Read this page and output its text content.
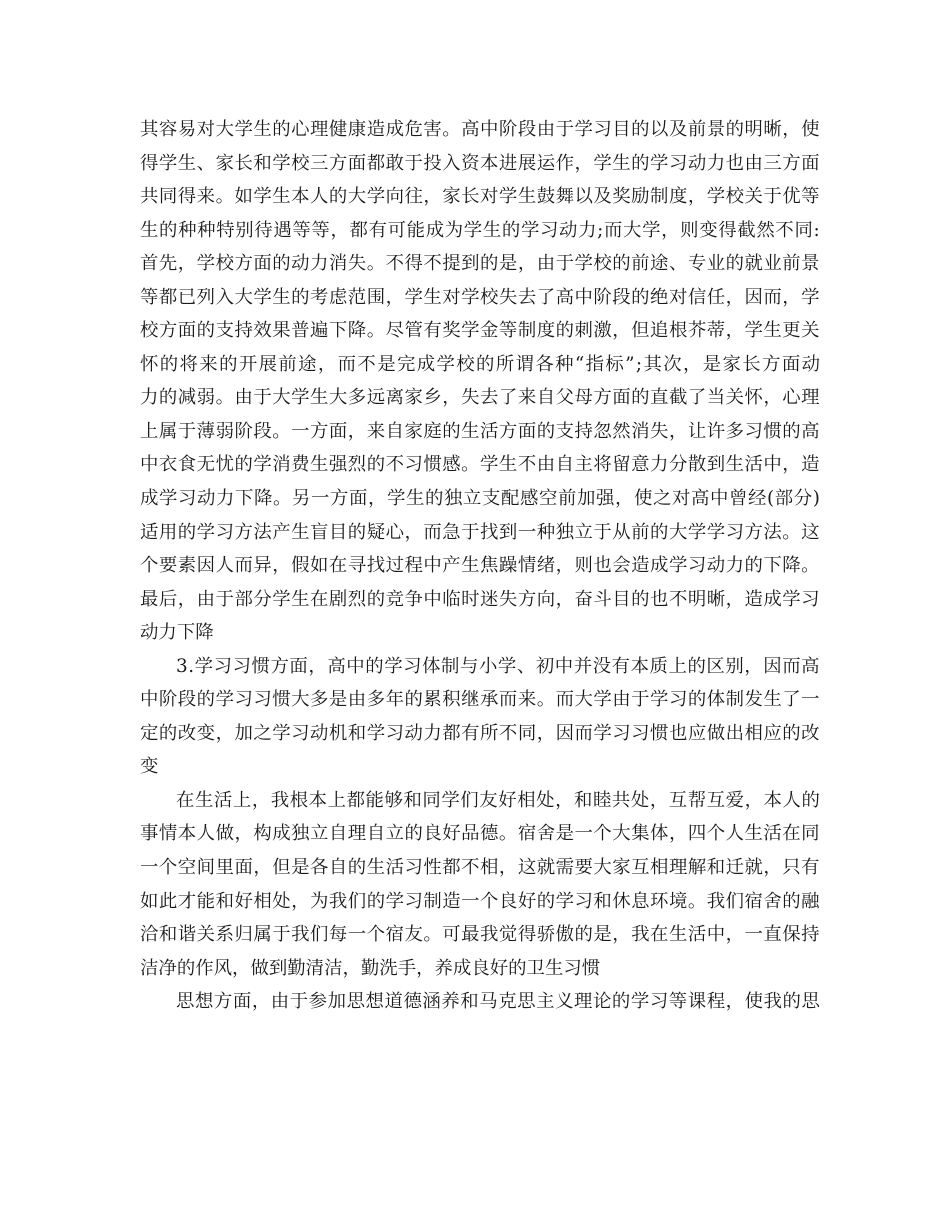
其 容 易 对 大 学 生 的 心 理 健 康 造 成 危 害 。 高 中 阶 段 由 于 学 习 目 的 以 及 前 景 的 明 晰 ， 使
得 学 生 、 家 长 和 学 校 三 方 面 都 敢 于 投 入 资 本 进 展 运 作 ， 学 生 的 学 习 动 力 也 由 三 方 面
共 同 得 来 。 如 学 生 本 人 的 大 学 向 往 ， 家 长 对 学 生 鼓 舞 以 及 奖 励 制 度 ， 学 校 关 于 优 等
生 的 种 种 特 别 待 遇 等 等 ， 都 有 可 能 成 为 学 生 的 学 习 动 力 ; 而 大 学 ， 则 变 得 截 然 不 同 :
首 先 ， 学 校 方 面 的 动 力 消 失 。 不 得 不 提 到 的 是 ， 由 于 学 校 的 前 途 、 专 业 的 就 业 前 景
等 都 已 列 入 大 学 生 的 考 虑 范 围 ， 学 生 对 学 校 失 去 了 高 中 阶 段 的 绝 对 信 任 ， 因 而 ， 学
校 方 面 的 支 持 效 果 普 遍 下 降 。 尽 管 有 奖 学 金 等 制 度 的 刺 激 ， 但 追 根 芥 蒂 ， 学 生 更 关
怀 的 将 来 的 开 展 前 途 ， 而 不 是 完 成 学 校 的 所 谓 各 种 “ 指 标 ” ; 其 次 ， 是 家 长 方 面 动
力 的 减 弱 。 由 于 大 学 生 大 多 远 离 家 乡 ， 失 去 了 来 自 父 母 方 面 的 直 截 了 当 关 怀 ， 心 理
上 属 于 薄 弱 阶 段 。 一 方 面 ， 来 自 家 庭 的 生 活 方 面 的 支 持 忽 然 消 失 ， 让 许 多 习 惯 的 高
中 衣 食 无 忧 的 学 消 费 生 强 烈 的 不 习 惯 感 。 学 生 不 由 自 主 将 留 意 力 分 散 到 生 活 中 ， 造
成 学 习 动 力 下 降 。 另 一 方 面 ， 学 生 的 独 立 支 配 感 空 前 加 强 ， 使 之 对 高 中 曾 经 ( 部 分 )
适 用 的 学 习 方 法 产 生 盲 目 的 疑 心 ， 而 急 于 找 到 一 种 独 立 于 从 前 的 大 学 学 习 方 法 。 这
个 要 素 因 人 而 异 ， 假 如 在 寻 找 过 程 中 产 生 焦 躁 情 绪 ， 则 也 会 造 成 学 习 动 力 的 下 降 。
最 后 ， 由 于 部 分 学 生 在 剧 烈 的 竞 争 中 临 时 迷 失 方 向 ， 奋 斗 目 的 也 不 明 晰 ， 造 成 学 习
动 力 下 降
3 . 学 习 习 惯 方 面 ， 高 中 的 学 习 体 制 与 小 学 、 初 中 并 没 有 本 质 上 的 区 别 ， 因 而 高
中 阶 段 的 学 习 习 惯 大 多 是 由 多 年 的 累 积 继 承 而 来 。 而 大 学 由 于 学 习 的 体 制 发 生 了 一
定 的 改 变 ， 加 之 学 习 动 机 和 学 习 动 力 都 有 所 不 同 ， 因 而 学 习 习 惯 也 应 做 出 相 应 的 改
变
在 生 活 上 ， 我 根 本 上 都 能 够 和 同 学 们 友 好 相 处 ， 和 睦 共 处 ， 互 帮 互 爱 ， 本 人 的
事 情 本 人 做 ， 构 成 独 立 自 理 自 立 的 良 好 品 德 。 宿 舍 是 一 个 大 集 体 ， 四 个 人 生 活 在 同
一 个 空 间 里 面 ， 但 是 各 自 的 生 活 习 性 都 不 相 ， 这 就 需 要 大 家 互 相 理 解 和 迁 就 ， 只 有
如 此 才 能 和 好 相 处 ， 为 我 们 的 学 习 制 造 一 个 良 好 的 学 习 和 休 息 环 境 。 我 们 宿 舍 的 融
洽 和 谐 关 系 归 属 于 我 们 每 一 个 宿 友 。 可 最 我 觉 得 骄 傲 的 是 ， 我 在 生 活 中 ， 一 直 保 持
洁 净 的 作 风 ， 做 到 勤 清 洁 ， 勤 洗 手 ， 养 成 良 好 的 卫 生 习 惯
思 想 方 面 ， 由 于 参 加 思 想 道 德 涵 养 和 马 克 思 主 义 理 论 的 学 习 等 课 程 ， 使 我 的 思
